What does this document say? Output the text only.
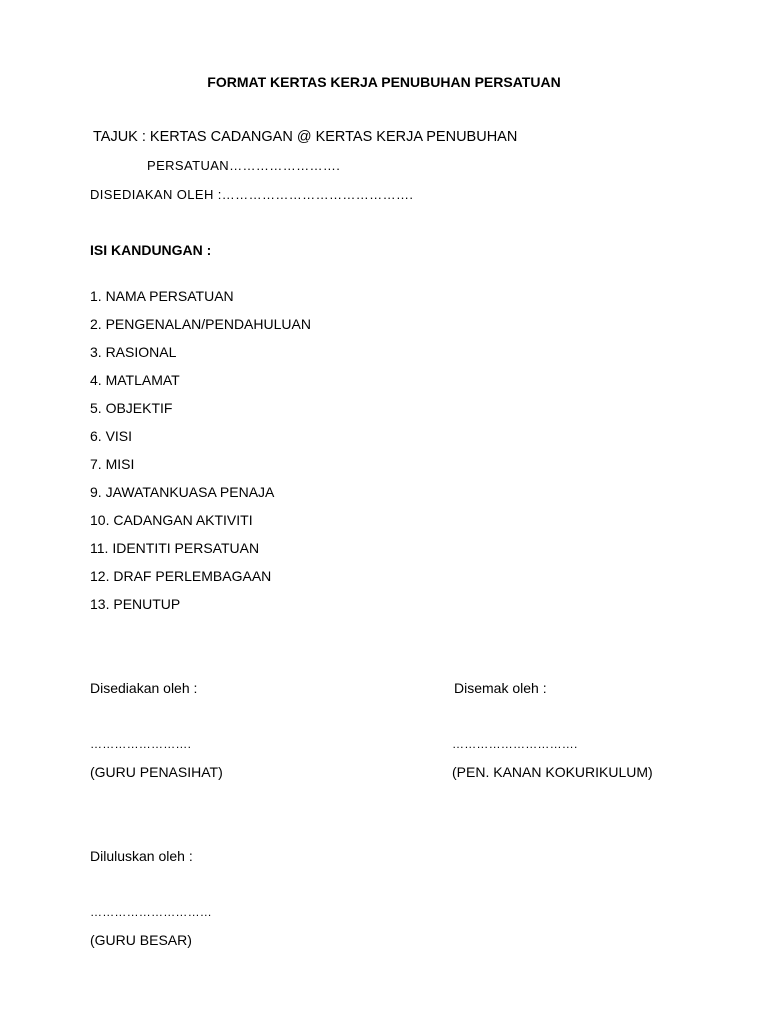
FORMAT KERTAS KERJA PENUBUHAN PERSATUAN
TAJUK : KERTAS CADANGAN @ KERTAS KERJA PENUBUHAN
PERSATUAN…………………….
DISEDIAKAN OLEH :…………………………………….
ISI KANDUNGAN :
1. NAMA PERSATUAN
2. PENGENALAN/PENDAHULUAN
3. RASIONAL
4. MATLAMAT
5. OBJEKTIF
6. VISI
7. MISI
9. JAWATANKUASA PENAJA
10. CADANGAN AKTIVITI
11. IDENTITI PERSATUAN
12. DRAF PERLEMBAGAAN
13. PENUTUP
Disediakan oleh :
…………………….
(GURU PENASIHAT)
Disemak oleh :
………………………….
(PEN. KANAN KOKURIKULUM)
Diluluskan oleh :
…………………………
(GURU BESAR)
